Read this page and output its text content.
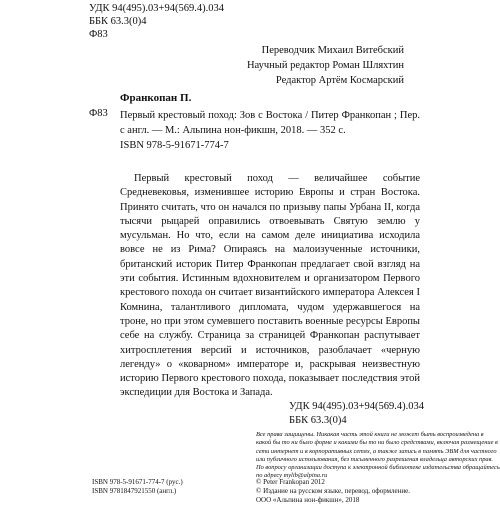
УДК 94(495).03+94(569.4).034
ББК 63.3(0)4
Ф83
Переводчик Михаил Витебский
Научный редактор Роман Шляхтин
Редактор Артём Космарский
Франкопан П.
Ф83 Первый крестовый поход: Зов с Востока / Питер Франкопан ; Пер. с англ. — М.: Альпина нон-фикшн, 2018. — 352 с.
ISBN 978-5-91671-774-7

Первый крестовый поход — величайшее событие Средневековья, изменившее историю Европы и стран Востока. Принято считать, что он начался по призыву папы Урбана II, когда тысячи рыцарей оправились отвоевывать Святую землю у мусульман. Но что, если на самом деле инициатива исходила вовсе не из Рима? Опираясь на малоизученные источники, британский историк Питер Франкопан предлагает свой взгляд на эти события. Истинным вдохновителем и организатором Первого крестового похода он считает византийского императора Алексея I Комнина, талантливого дипломата, чудом удержавшегося на троне, но при этом сумевшего поставить военные ресурсы Европы себе на службу. Страница за страницей Франкопан распутывает хитросплетения версий и источников, разоблачает «черную легенду» о «коварном» императоре и, раскрывая неизвестную историю Первого крестового похода, показывает последствия этой экспедиции для Востока и Запада.

УДК 94(495).03+94(569.4).034
ББК 63.3(0)4
Все права защищены. Никакая часть этой книги не может быть воспроизведена в какой бы то ни было форме и какими бы то ни было средствами, включая размещение в сети интернет и в корпоративных сетях, а также запись в память ЭВМ для частного или публичного использования, без письменного разрешения владельца авторских прав. По вопросу организации доступа к электронной библиотеке издательства обращайтесь по адресу mylib@alpina.ru
ISBN 978-5-91671-774-7 (рус.)
ISBN 9781847921550 (англ.)
© Peter Frankopan 2012
© Издание на русском языке, перевод, оформление.
ООО «Альпина нон-фикшн», 2018
